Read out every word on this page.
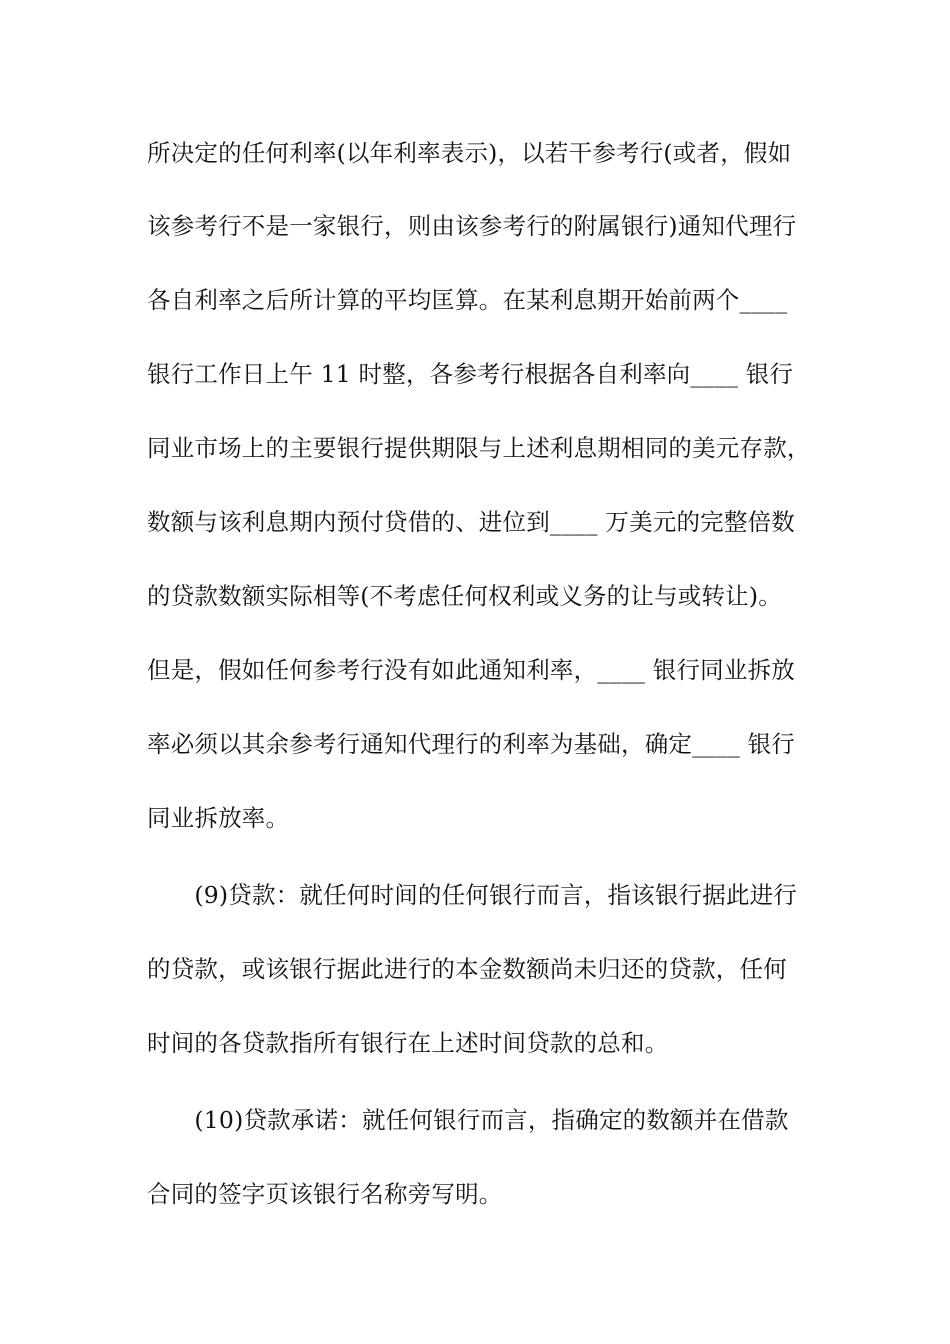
所决定的任何利率(以年利率表示)，以若干参考行(或者，假如
该参考行不是一家银行，则由该参考行的附属银行)通知代理行
各自利率之后所计算的平均匡算。在某利息期开始前两个____
银行工作日上午 11 时整，各参考行根据各自利率向____ 银行
同业市场上的主要银行提供期限与上述利息期相同的美元存款，
数额与该利息期内预付贷借的、进位到____ 万美元的完整倍数
的贷款数额实际相等(不考虑任何权利或义务的让与或转让)。
但是，假如任何参考行没有如此通知利率，____ 银行同业拆放
率必须以其余参考行通知代理行的利率为基础，确定____ 银行
同业拆放率。
　　(9)贷款：就任何时间的任何银行而言，指该银行据此进行
的贷款，或该银行据此进行的本金数额尚未归还的贷款，任何
时间的各贷款指所有银行在上述时间贷款的总和。
　　(10)贷款承诺：就任何银行而言，指确定的数额并在借款
合同的签字页该银行名称旁写明。
